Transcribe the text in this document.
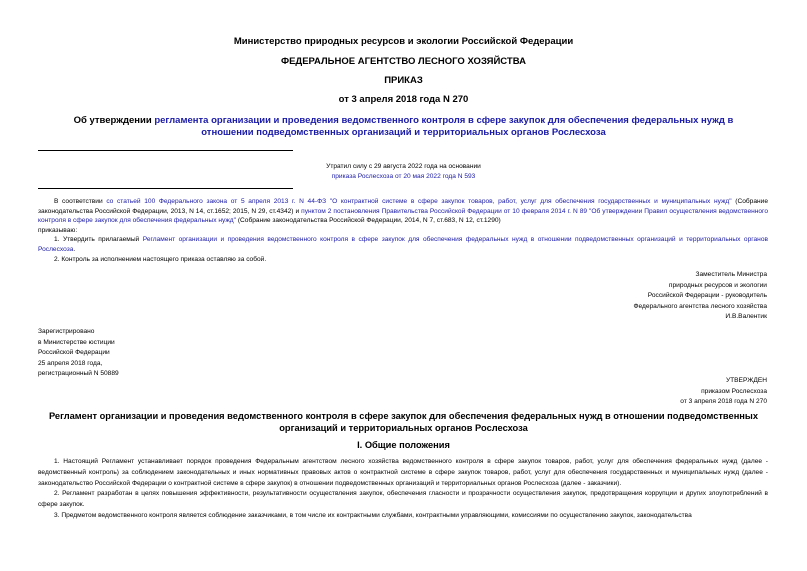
Министерство природных ресурсов и экологии Российской Федерации
ФЕДЕРАЛЬНОЕ АГЕНТСТВО ЛЕСНОГО ХОЗЯЙСТВА
ПРИКАЗ
от 3 апреля 2018 года N 270
Об утверждении регламента организации и проведения ведомственного контроля в сфере закупок для обеспечения федеральных нужд в отношении подведомственных организаций и территориальных органов Рослесхоза
Утратил силу с 29 августа 2022 года на основании
приказа Рослесхоза от 20 мая 2022 года N 593

В соответствии со статьей 100 Федерального закона от 5 апреля 2013 г. N 44-ФЗ "О контрактной системе в сфере закупок товаров, работ, услуг для обеспечения государственных и муниципальных нужд" (Собрание законодательства Российской Федерации, 2013, N 14, ст.1652; 2015, N 29, ст.4342) и пунктом 2 постановления Правительства Российской Федерации от 10 февраля 2014 г. N 89 "Об утверждении Правил осуществления ведомственного контроля в сфере закупок для обеспечения федеральных нужд" (Собрание законодательства Российской Федерации, 2014, N 7, ст.683, N 12, ст.1290)

приказываю:

1. Утвердить прилагаемый Регламент организации и проведения ведомственного контроля в сфере закупок для обеспечения федеральных нужд в отношении подведомственных организаций и территориальных органов Рослесхоза.

2. Контроль за исполнением настоящего приказа оставляю за собой.

Заместитель Министра
природных ресурсов и экологии
Российской Федерации - руководитель
Федерального агентства лесного хозяйства
И.В.Валентик
Зарегистрировано
в Министерстве юстиции
Российской Федерации
25 апреля 2018 года,
регистрационный N 50889
УТВЕРЖДЕН
приказом Рослесхоза
от 3 апреля 2018 года N 270
Регламент организации и проведения ведомственного контроля в сфере закупок для обеспечения федеральных нужд в отношении подведомственных организаций и территориальных органов Рослесхоза
I. Общие положения

1. Настоящий Регламент устанавливает порядок проведения Федеральным агентством лесного хозяйства ведомственного контроля в сфере закупок товаров, работ, услуг для обеспечения федеральных нужд (далее - ведомственный контроль) за соблюдением законодательных и иных нормативных правовых актов о контрактной системе в сфере закупок товаров, работ, услуг для обеспечения государственных и муниципальных нужд (далее - законодательство Российской Федерации о контрактной системе в сфере закупок) в отношении подведомственных организаций и территориальных органов Рослесхоза (далее - заказчики).

2. Регламент разработан в целях повышения эффективности, результативности осуществления закупок, обеспечения гласности и прозрачности осуществления закупок, предотвращения коррупции и других злоупотреблений в сфере закупок.

3. Предметом ведомственного контроля является соблюдение заказчиками, в том числе их контрактными службами, контрактными управляющими, комиссиями по осуществлению закупок, законодательства
